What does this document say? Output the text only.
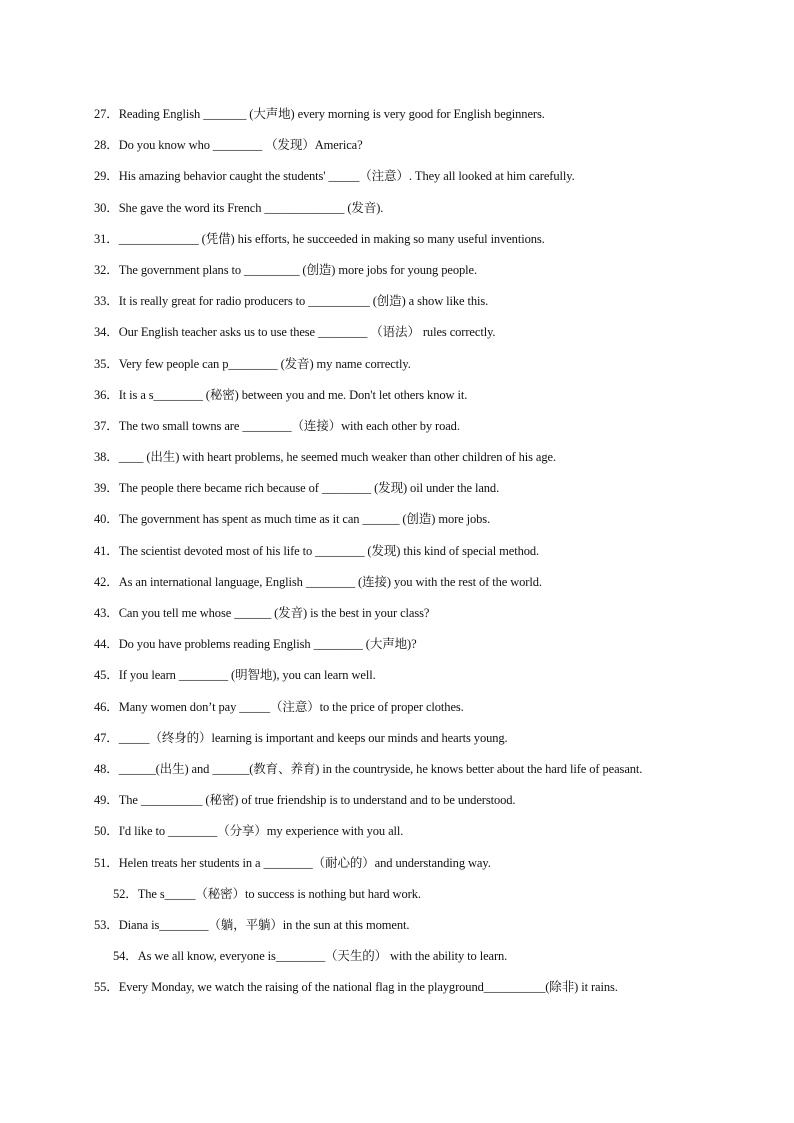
27．Reading English _______ (大声地) every morning is very good for English beginners.
28．Do you know who ________ （发现）America?
29．His amazing behavior caught the students' _____（注意）. They all looked at him carefully.
30．She gave the word its French _____________ (发音).
31．_____________ (凭借) his efforts, he succeeded in making so many useful inventions.
32．The government plans to _________ (创造) more jobs for young people.
33．It is really great for radio producers to __________ (创造) a show like this.
34．Our English teacher asks us to use these ________ （语法） rules correctly.
35．Very few people can p________ (发音) my name correctly.
36．It is a s________ (秘密) between you and me. Don't let others know it.
37．The two small towns are ________（连接）with each other by road.
38．____ (出生) with heart problems, he seemed much weaker than other children of his age.
39．The people there became rich because of ________ (发现) oil under the land.
40．The government has spent as much time as it can ______ (创造) more jobs.
41．The scientist devoted most of his life to ________ (发现) this kind of special method.
42．As an international language, English ________ (连接) you with the rest of the world.
43．Can you tell me whose ______ (发音) is the best in your class?
44．Do you have problems reading English ________ (大声地)?
45．If you learn ________ (明智地), you can learn well.
46．Many women don’t pay _____（注意）to the price of proper clothes.
47．_____（终身的）learning is important and keeps our minds and hearts young.
48．______(出生) and ______(教育、养育) in the countryside, he knows better about the hard life of peasant.
49．The __________ (秘密) of true friendship is to understand and to be understood.
50．I'd like to ________（分享）my experience with you all.
51．Helen treats her students in a ________（耐心的）and understanding way.
52．The s_____（秘密）to success is nothing but hard work.
53．Diana is________（躺，平躺）in the sun at this moment.
54．As we all know, everyone is________（天生的） with the ability to learn.
55．Every Monday, we watch the raising of the national flag in the playground__________(除非) it rains.
